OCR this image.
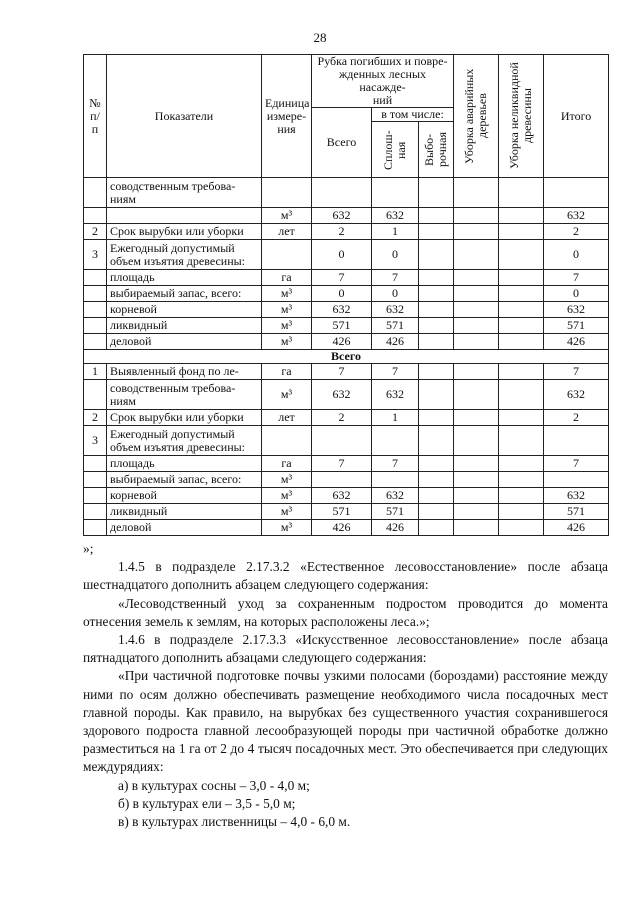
28
№
п/п	Показатели	Единица
измере-
ния	Рубка погибших и повре-
жденных лесных насажде-
ний			Уборка аварийных
деревьев	Уборка неликвидной
древесины	Итого
			Всего	в том числе:				

				Сплош-
ная	Выбо-
рочная			

	соводственным требова-
ниям							
		м³	632	632				632
2	Срок вырубки или уборки	лет	2	1				2
3	Ежегодный допустимый
объем изъятия древесины:		0	0				0
	площадь	га	7	7				7
	выбираемый запас, всего:	м³	0	0				0
	корневой	м³	632	632				632
	ликвидный	м³	571	571				571
	деловой	м³	426	426				426
Всего								
1	Выявленный фонд по ле-	га	7	7				7
	соводственным требова-
ниям	м³	632	632				632
2	Срок вырубки или уборки	лет	2	1				2
3	Ежегодный допустимый
объем изъятия древесины:							
	площадь	га	7	7				7
	выбираемый запас, всего:	м³						
	корневой	м³	632	632				632
	ликвидный	м³	571	571				571
	деловой	м³	426	426				426

»;

1.4.5 в подразделе 2.17.3.2 «Естественное лесовосстановление» после абзаца шестнадцатого дополнить абзацем следующего содержания:

«Лесоводственный уход за сохраненным подростом проводится до момента отнесения земель к землям, на которых расположены леса.»;

1.4.6 в подразделе 2.17.3.3 «Искусственное лесовосстановление» после абзаца пятнадцатого дополнить абзацами следующего содержания:

«При частичной подготовке почвы узкими полосами (бороздами) расстояние между ними по осям должно обеспечивать размещение необходимого числа посадочных мест главной породы. Как правило, на вырубках без существенного участия сохранившегося здорового подроста главной лесообразующей породы при частичной обработке должно разместиться на 1 га от 2 до 4 тысяч посадочных мест. Это обеспечивается при следующих междурядиях:

а) в культурах сосны – 3,0 - 4,0 м;

б) в культурах ели – 3,5 - 5,0 м;

в) в культурах лиственницы – 4,0 - 6,0 м.
